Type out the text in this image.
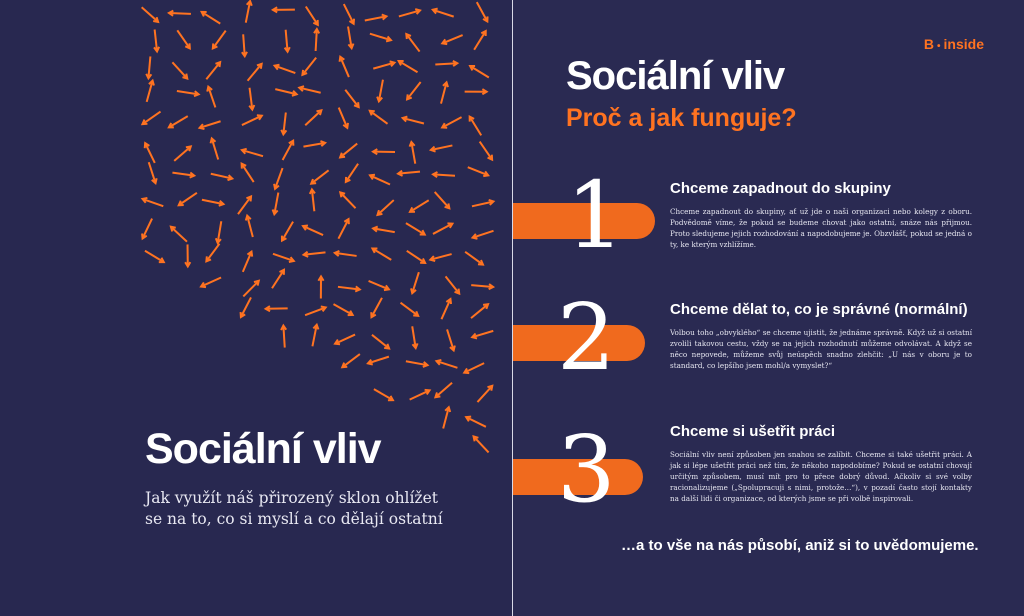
Sociální vliv
Jak využít náš přirozený sklon ohlížet se na to, co si myslí a co dělají ostatní
B • inside
Sociální vliv
Proč a jak funguje?
1	Chceme zapadnout do skupiny
Chceme zapadnout do skupiny, ať už jde o naši organizaci nebo kolegy z oboru. Podvědomě víme, že pokud se budeme chovat jako ostatní, snáze nás přijmou. Proto sledujeme jejich rozhodování a napodobujeme je. Obzvlášť, pokud se jedná o ty, ke kterým vzhlížíme.
2	Chceme dělat to, co je správné (normální)
Volbou toho „obvyklého“ se chceme ujistit, že jednáme správně. Když už si ostatní zvolili takovou cestu, vždy se na jejich rozhodnutí můžeme odvolávat. A když se něco nepovede, můžeme svůj neúspěch snadno zlehčit: „U nás v oboru je to standard, co lepšího jsem mohl/a vymyslet?“
3	Chceme si ušetřit práci
Sociální vliv není způsoben jen snahou se zalíbit. Chceme si také ušetřit práci. A jak si lépe ušetřit práci než tím, že někoho napodobíme? Pokud se ostatní chovají určitým způsobem, musí mít pro to přece dobrý důvod. Ačkoliv si své volby racionalizujeme („Spolupracuji s nimi, protože…“), v pozadí často stojí kontakty na další lidi či organizace, od kterých jsme se při volbě inspirovali.
…a to vše na nás působí, aniž si to uvědomujeme.
